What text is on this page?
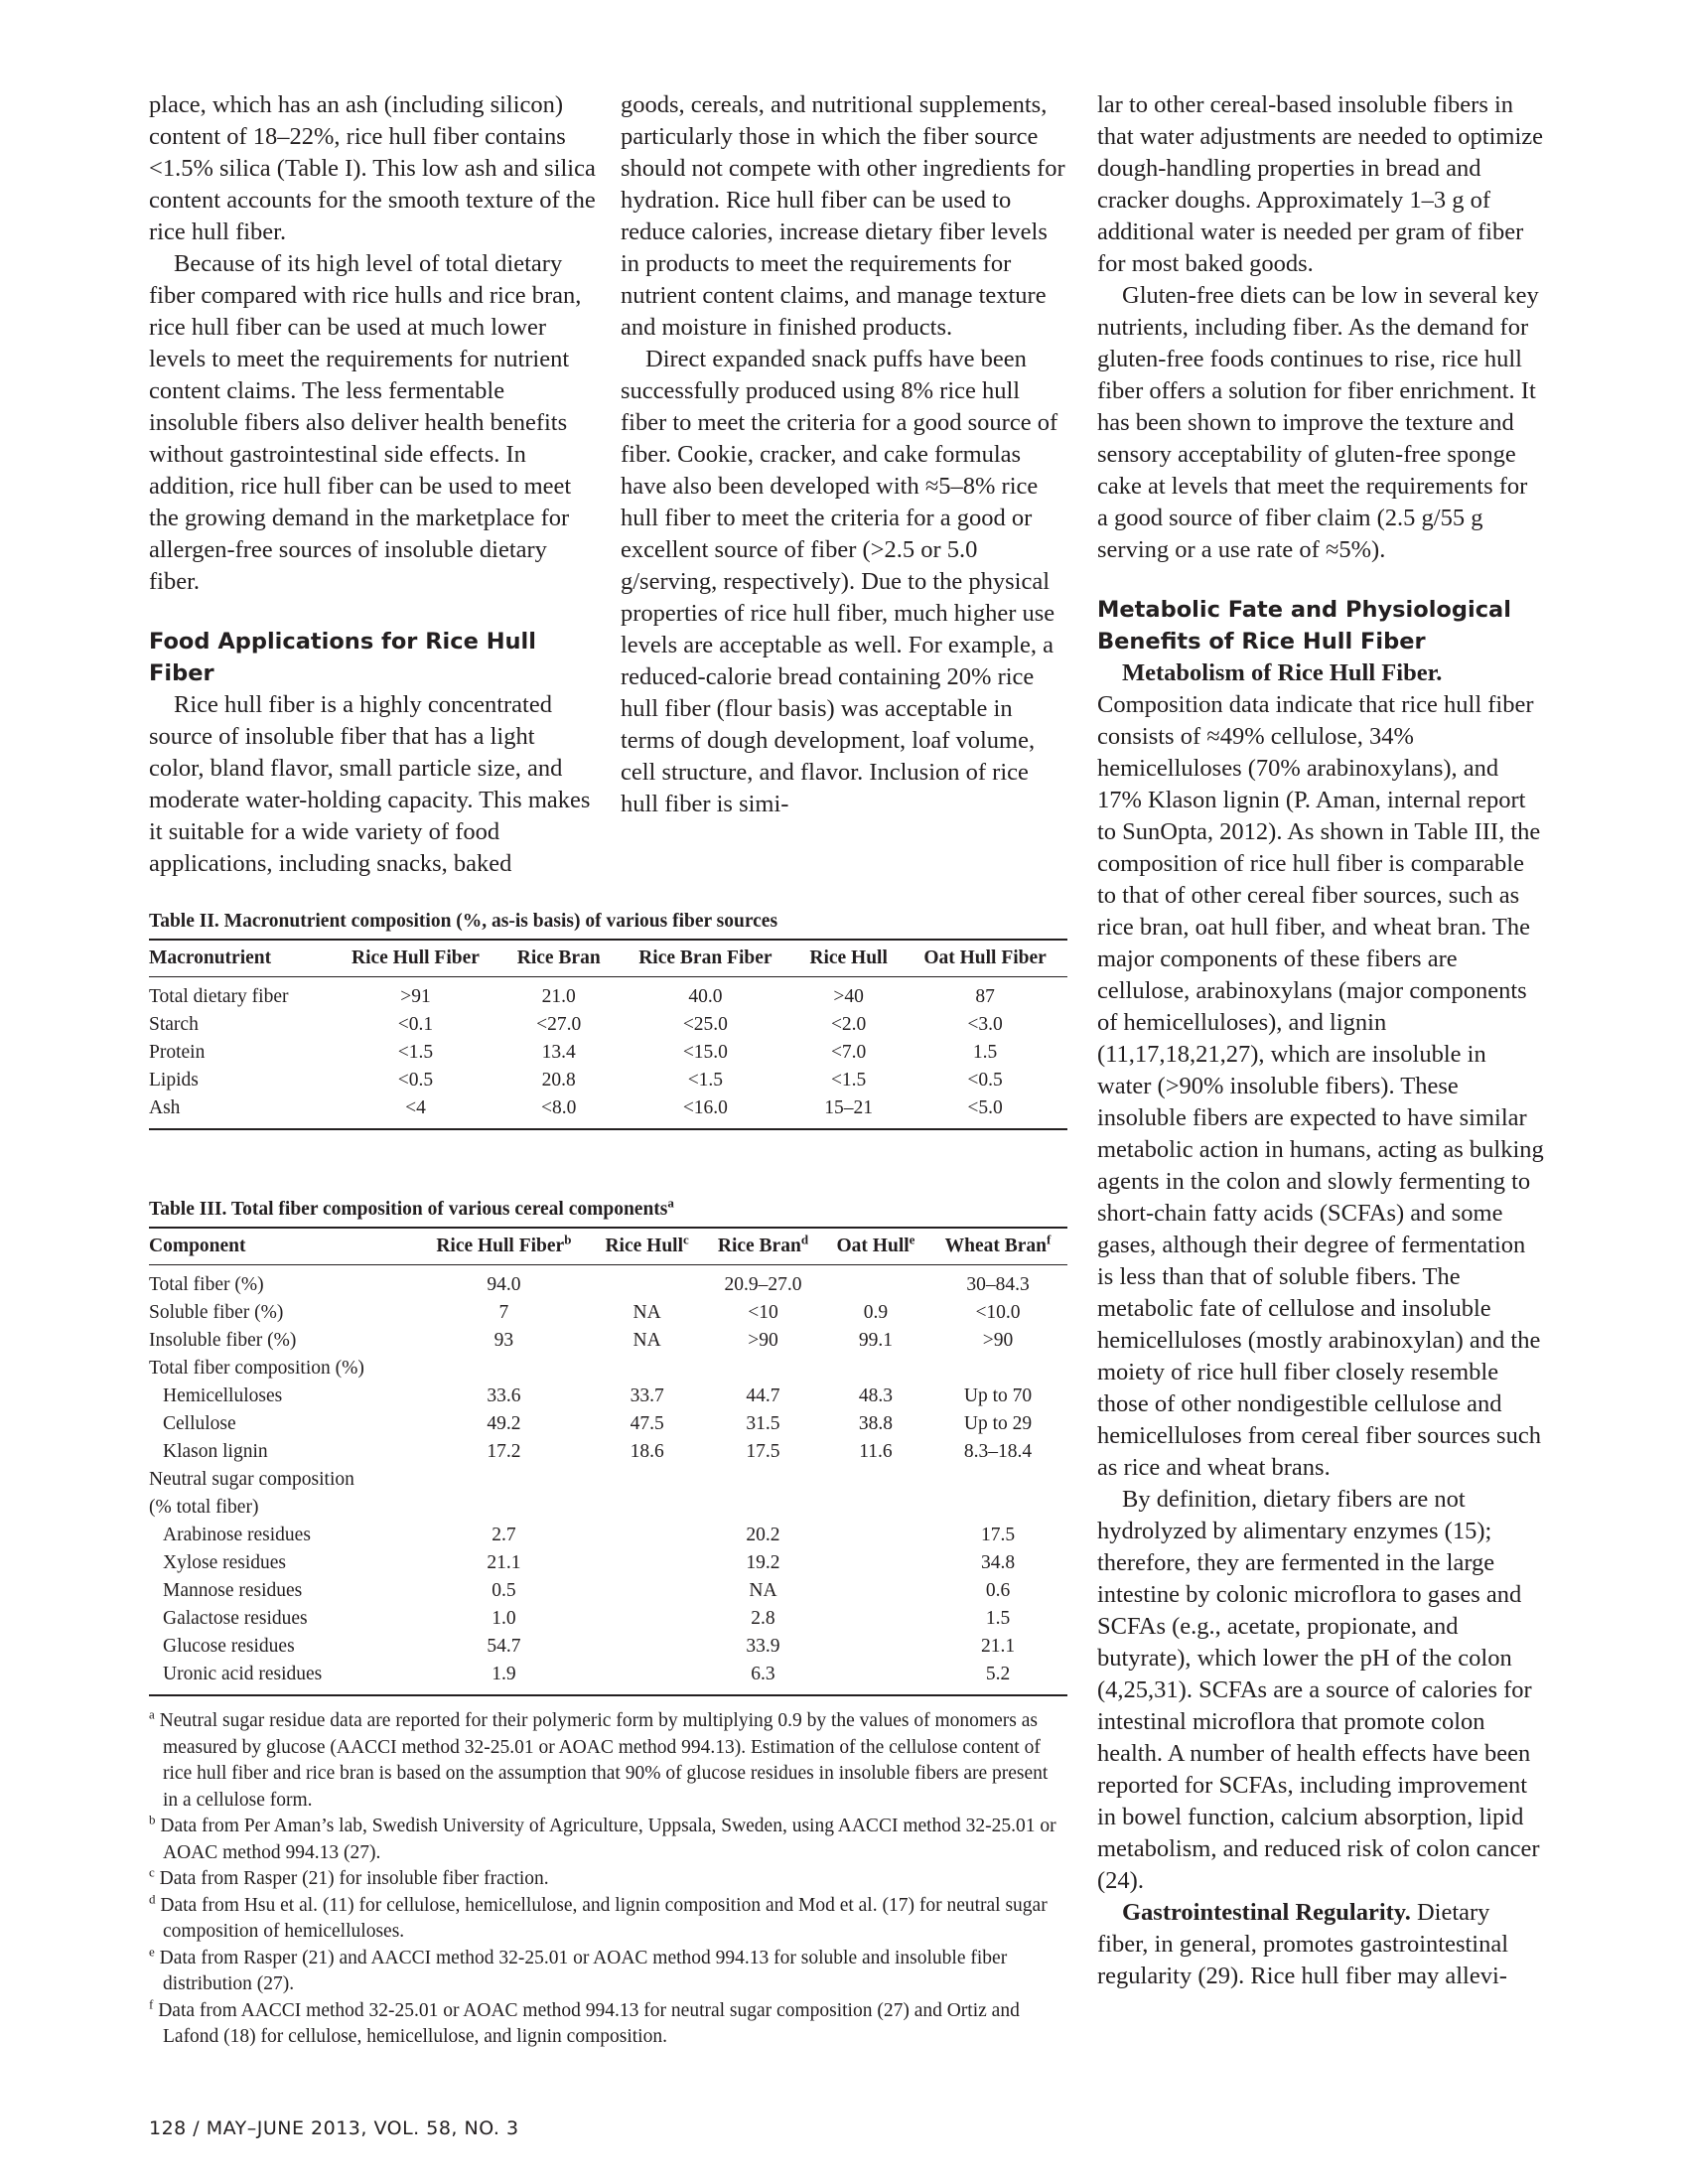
place, which has an ash (including silicon) content of 18–22%, rice hull fiber contains <1.5% silica (Table I). This low ash and silica content accounts for the smooth texture of the rice hull fiber.

Because of its high level of total dietary fiber compared with rice hulls and rice bran, rice hull fiber can be used at much lower levels to meet the requirements for nutrient content claims. The less fermentable insoluble fibers also deliver health benefits without gastrointestinal side effects. In addition, rice hull fiber can be used to meet the growing demand in the marketplace for allergen-free sources of insoluble dietary fiber.

Food Applications for Rice Hull Fiber

Rice hull fiber is a highly concentrated source of insoluble fiber that has a light color, bland flavor, small particle size, and moderate water-holding capacity. This makes it suitable for a wide variety of food applications, including snacks, baked

goods, cereals, and nutritional supplements, particularly those in which the fiber source should not compete with other ingredients for hydration. Rice hull fiber can be used to reduce calories, increase dietary fiber levels in products to meet the requirements for nutrient content claims, and manage texture and moisture in finished products.

Direct expanded snack puffs have been successfully produced using 8% rice hull fiber to meet the criteria for a good source of fiber. Cookie, cracker, and cake formulas have also been developed with ≈5–8% rice hull fiber to meet the criteria for a good or excellent source of fiber (>2.5 or 5.0 g/serving, respectively). Due to the physical properties of rice hull fiber, much higher use levels are acceptable as well. For example, a reduced-calorie bread containing 20% rice hull fiber (flour basis) was acceptable in terms of dough development, loaf volume, cell structure, and flavor. Inclusion of rice hull fiber is simi-

lar to other cereal-based insoluble fibers in that water adjustments are needed to optimize dough-handling properties in bread and cracker doughs. Approximately 1–3 g of additional water is needed per gram of fiber for most baked goods.

Gluten-free diets can be low in several key nutrients, including fiber. As the demand for gluten-free foods continues to rise, rice hull fiber offers a solution for fiber enrichment. It has been shown to improve the texture and sensory acceptability of gluten-free sponge cake at levels that meet the requirements for a good source of fiber claim (2.5 g/55 g serving or a use rate of ≈5%).

Metabolic Fate and Physiological Benefits of Rice Hull Fiber

Metabolism of Rice Hull Fiber. Composition data indicate that rice hull fiber consists of ≈49% cellulose, 34% hemicelluloses (70% arabinoxylans), and 17% Klason lignin (P. Aman, internal report to SunOpta, 2012). As shown in Table III, the composition of rice hull fiber is comparable to that of other cereal fiber sources, such as rice bran, oat hull fiber, and wheat bran. The major components of these fibers are cellulose, arabinoxylans (major components of hemicelluloses), and lignin (11,17,18,21,27), which are insoluble in water (>90% insoluble fibers). These insoluble fibers are expected to have similar metabolic action in humans, acting as bulking agents in the colon and slowly fermenting to short-chain fatty acids (SCFAs) and some gases, although their degree of fermentation is less than that of soluble fibers. The metabolic fate of cellulose and insoluble hemicelluloses (mostly arabinoxylan) and the moiety of rice hull fiber closely resemble those of other nondigestible cellulose and hemicelluloses from cereal fiber sources such as rice and wheat brans.

By definition, dietary fibers are not hydrolyzed by alimentary enzymes (15); therefore, they are fermented in the large intestine by colonic microflora to gases and SCFAs (e.g., acetate, propionate, and butyrate), which lower the pH of the colon (4,25,31). SCFAs are a source of calories for intestinal microflora that promote colon health. A number of health effects have been reported for SCFAs, including improvement in bowel function, calcium absorption, lipid metabolism, and reduced risk of colon cancer (24).

Gastrointestinal Regularity. Dietary fiber, in general, promotes gastrointestinal regularity (29). Rice hull fiber may allevi-

Table II. Macronutrient composition (%, as-is basis) of various fiber sources
Macronutrient	Rice Hull Fiber	Rice Bran	Rice Bran Fiber	Rice Hull	Oat Hull Fiber
Total dietary fiber	>91	21.0	40.0	>40	87
Starch	<0.1	<27.0	<25.0	<2.0	<3.0
Protein	<1.5	13.4	<15.0	<7.0	1.5
Lipids	<0.5	20.8	<1.5	<1.5	<0.5
Ash	<4	<8.0	<16.0	15–21	<5.0
Table III. Total fiber composition of various cereal components$^a$
Component	Rice Hull Fiber$^b$	Rice Hull$^c$	Rice Bran$^d$	Oat Hull$^e$	Wheat Bran$^f$
Total fiber (%)	94.0		20.9–27.0		30–84.3
Soluble fiber (%)	7	NA	<10	0.9	<10.0
Insoluble fiber (%)	93	NA	>90	99.1	>90
Total fiber composition (%)					
Hemicelluloses	33.6	33.7	44.7	48.3	Up to 70
Cellulose	49.2	47.5	31.5	38.8	Up to 29
Klason lignin	17.2	18.6	17.5	11.6	8.3–18.4
Neutral sugar composition					
(% total fiber)					
Arabinose residues	2.7		20.2		17.5
Xylose residues	21.1		19.2		34.8
Mannose residues	0.5		NA		0.6
Galactose residues	1.0		2.8		1.5
Glucose residues	54.7		33.9		21.1
Uronic acid residues	1.9		6.3		5.2

$^a$ Neutral sugar residue data are reported for their polymeric form by multiplying 0.9 by the values of monomers as measured by glucose (AACCI method 32-25.01 or AOAC method 994.13). Estimation of the cellulose content of rice hull fiber and rice bran is based on the assumption that 90% of glucose residues in insoluble fibers are present in a cellulose form.

$^b$ Data from Per Aman’s lab, Swedish University of Agriculture, Uppsala, Sweden, using AACCI method 32-25.01 or AOAC method 994.13 (27).

$^c$ Data from Rasper (21) for insoluble fiber fraction.

$^d$ Data from Hsu et al. (11) for cellulose, hemicellulose, and lignin composition and Mod et al. (17) for neutral sugar composition of hemicelluloses.

$^e$ Data from Rasper (21) and AACCI method 32-25.01 or AOAC method 994.13 for soluble and insoluble fiber distribution (27).

$^f$ Data from AACCI method 32-25.01 or AOAC method 994.13 for neutral sugar composition (27) and Ortiz and Lafond (18) for cellulose, hemicellulose, and lignin composition.

128 / MAY–JUNE 2013, VOL. 58, NO. 3
